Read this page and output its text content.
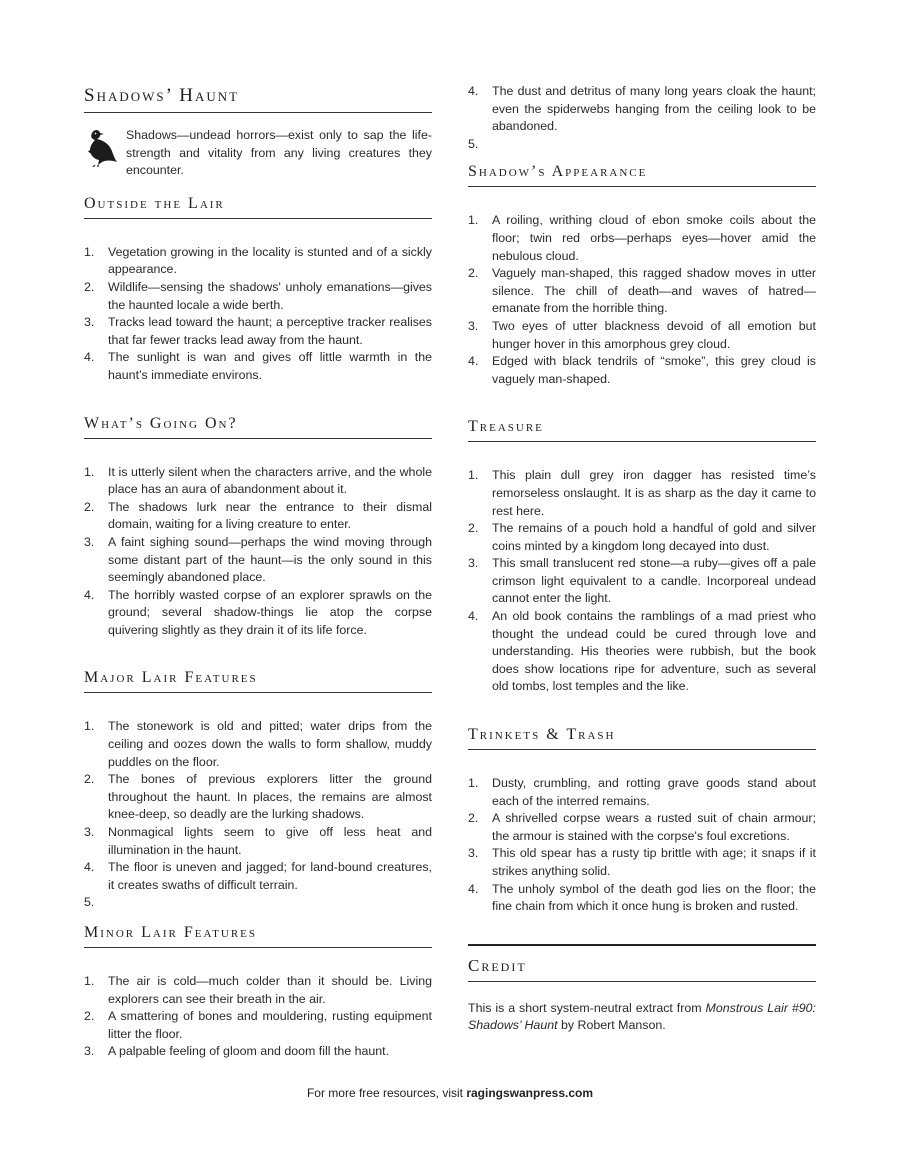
Shadows’ Haunt

Shadows—undead horrors—exist only to sap the life-strength and vitality from any living creatures they encounter.

Outside the Lair
1. Vegetation growing in the locality is stunted and of a sickly appearance.
2. Wildlife—sensing the shadows' unholy emanations—gives the haunted locale a wide berth.
3. Tracks lead toward the haunt; a perceptive tracker realises that far fewer tracks lead away from the haunt.
4. The sunlight is wan and gives off little warmth in the haunt’s immediate environs.
What’s Going On?
1. It is utterly silent when the characters arrive, and the whole place has an aura of abandonment about it.
2. The shadows lurk near the entrance to their dismal domain, waiting for a living creature to enter.
3. A faint sighing sound—perhaps the wind moving through some distant part of the haunt—is the only sound in this seemingly abandoned place.
4. The horribly wasted corpse of an explorer sprawls on the ground; several shadow-things lie atop the corpse quivering slightly as they drain it of its life force.
Major Lair Features
1. The stonework is old and pitted; water drips from the ceiling and oozes down the walls to form shallow, muddy puddles on the floor.
2. The bones of previous explorers litter the ground throughout the haunt. In places, the remains are almost knee-deep, so deadly are the lurking shadows.
3. Nonmagical lights seem to give off less heat and illumination in the haunt.
4. The floor is uneven and jagged; for land-bound creatures, it creates swaths of difficult terrain.
5.

Minor Lair Features
1. The air is cold—much colder than it should be. Living explorers can see their breath in the air.
2. A smattering of bones and mouldering, rusting equipment litter the floor.
3. A palpable feeling of gloom and doom fill the haunt.
4. The dust and detritus of many long years cloak the haunt; even the spiderwebs hanging from the ceiling look to be abandoned.
5.

Shadow’s Appearance
1. A roiling, writhing cloud of ebon smoke coils about the floor; twin red orbs—perhaps eyes—hover amid the nebulous cloud.
2. Vaguely man-shaped, this ragged shadow moves in utter silence. The chill of death—and waves of hatred—emanate from the horrible thing.
3. Two eyes of utter blackness devoid of all emotion but hunger hover in this amorphous grey cloud.
4. Edged with black tendrils of “smoke”, this grey cloud is vaguely man-shaped.
Treasure
1. This plain dull grey iron dagger has resisted time’s remorseless onslaught. It is as sharp as the day it came to rest here.
2. The remains of a pouch hold a handful of gold and silver coins minted by a kingdom long decayed into dust.
3. This small translucent red stone—a ruby—gives off a pale crimson light equivalent to a candle. Incorporeal undead cannot enter the light.
4. An old book contains the ramblings of a mad priest who thought the undead could be cured through love and understanding. His theories were rubbish, but the book does show locations ripe for adventure, such as several old tombs, lost temples and the like.
Trinkets & Trash
1. Dusty, crumbling, and rotting grave goods stand about each of the interred remains.
2. A shrivelled corpse wears a rusted suit of chain armour; the armour is stained with the corpse's foul excretions.
3. This old spear has a rusty tip brittle with age; it snaps if it strikes anything solid.
4. The unholy symbol of the death god lies on the floor; the fine chain from which it once hung is broken and rusted.
Credit

This is a short system-neutral extract from Monstrous Lair #90: Shadows’ Haunt by Robert Manson.

For more free resources, visit ragingswanpress.com
